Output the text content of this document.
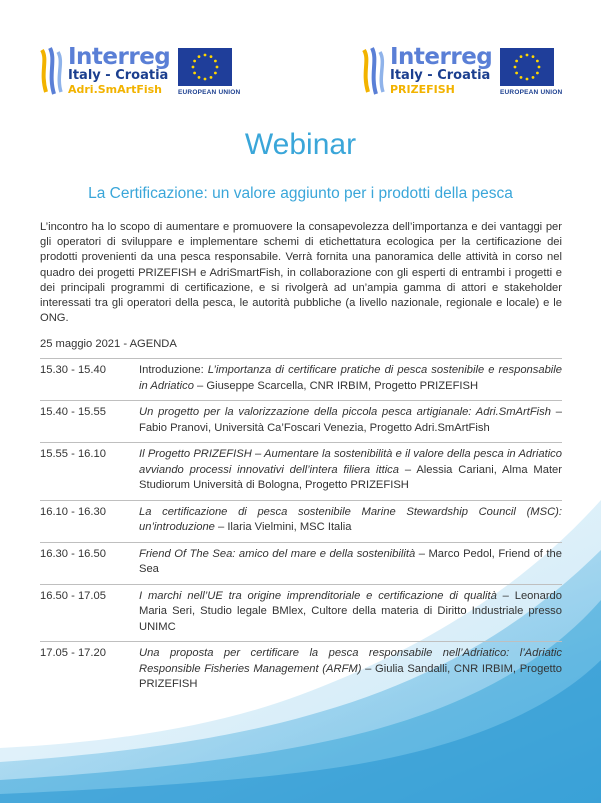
Interreg
Italy - Croatia
Adri.SmArtFish EUROPEAN UNION
Interreg
Italy - Croatia
PRIZEFISH	EUROPEAN UNION
Webinar
La Certificazione: un valore aggiunto per i prodotti della pesca
L’incontro ha lo scopo di aumentare e promuovere la consapevolezza dell’importanza e dei vantaggi per gli operatori di sviluppare e implementare schemi di etichettatura ecologica per la certificazione dei prodotti provenienti da una pesca responsabile. Verrà fornita una panoramica delle attività in corso nel quadro dei progetti PRIZEFISH e AdriSmartFish, in collaborazione con gli esperti di entrambi i progetti e dei principali programmi di certificazione, e si rivolgerà ad un’ampia gamma di attori e stakeholder interessati tra gli operatori della pesca, le autorità pubbliche (a livello nazionale, regionale e locale) e le ONG.
25 maggio 2021 - AGENDA
15.30 - 15.40	Introduzione: L’importanza di certificare pratiche di pesca sostenibile e responsabile in Adriatico – Giuseppe Scarcella, CNR IRBIM, Progetto PRIZEFISH
15.40 - 15.55	Un progetto per la valorizzazione della piccola pesca artigianale: Adri.SmArtFish – Fabio Pranovi, Università Ca’Foscari Venezia, Progetto Adri.SmArtFish
15.55 - 16.10	Il Progetto PRIZEFISH – Aumentare la sostenibilità e il valore della pesca in Adriatico avviando processi innovativi dell’intera filiera ittica – Alessia Cariani, Alma Mater Studiorum Università di Bologna, Progetto PRIZEFISH
16.10 - 16.30	La certificazione di pesca sostenibile Marine Stewardship Council (MSC): un’introduzione – Ilaria Vielmini, MSC Italia
16.30 - 16.50	Friend Of The Sea: amico del mare e della sostenibilità – Marco Pedol, Friend of the Sea
16.50 - 17.05	I marchi nell’UE tra origine imprenditoriale e certificazione di qualità – Leonardo Maria Seri, Studio legale BMlex, Cultore della materia di Diritto Industriale presso UNIMC
17.05 - 17.20	Una proposta per certificare la pesca responsabile nell’Adriatico: l’Adriatic Responsible Fisheries Management (ARFM) – Giulia Sandalli, CNR IRBIM, Progetto PRIZEFISH
